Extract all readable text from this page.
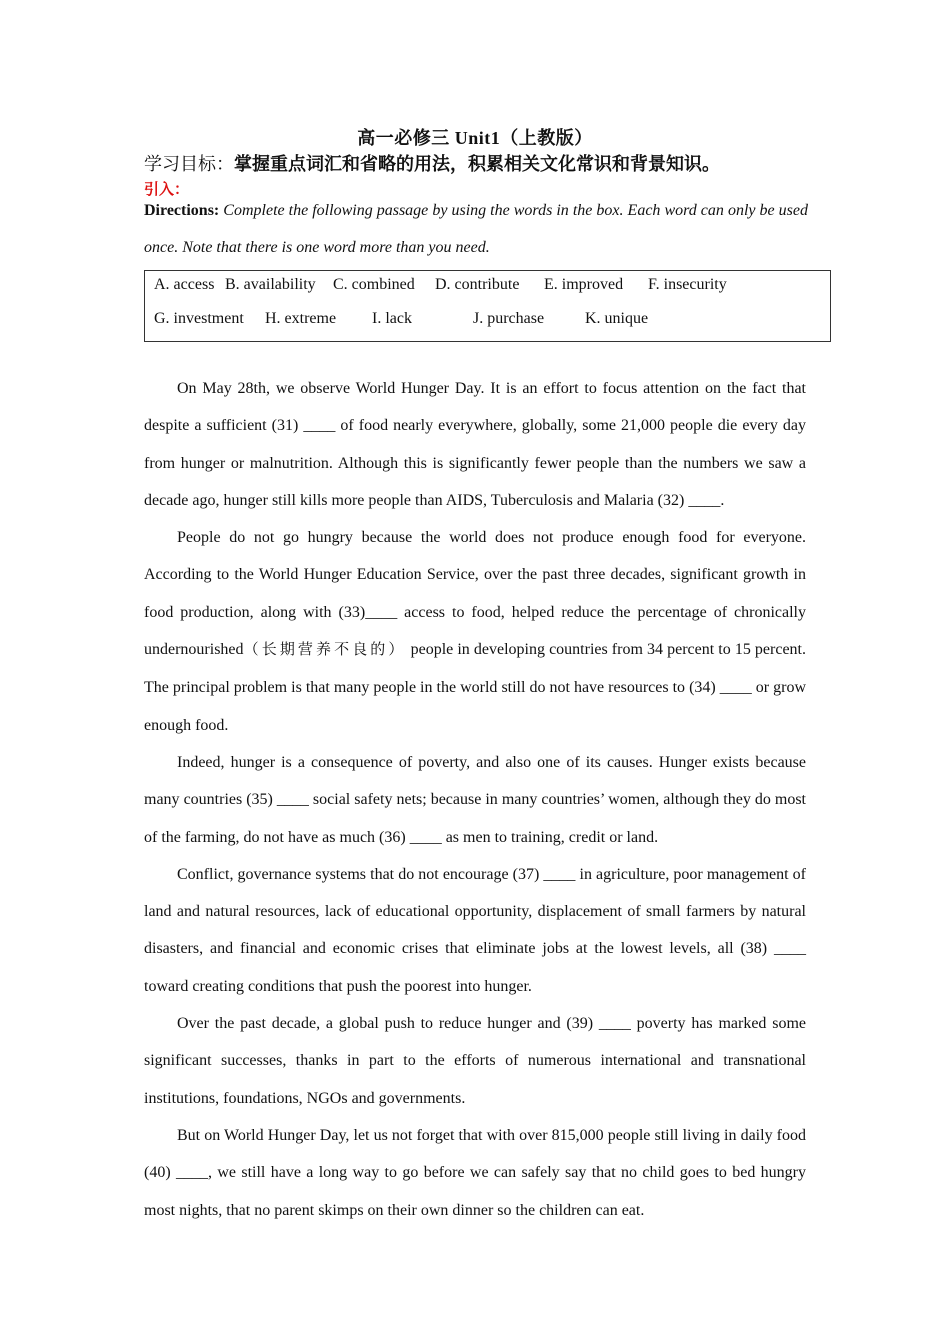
高一必修三 Unit1（上教版）
学习目标：掌握重点词汇和省略的用法，积累相关文化常识和背景知识。
引入：
Directions: Complete the following passage by using the words in the box. Each word can only be used once. Note that there is one word more than you need.

A. access

B. availability

C. combined

D. contribute

E. improved

F. insecurity

G. investment

H. extreme

I. lack

	J. purchase

	K. unique

On May 28th, we observe World Hunger Day. It is an effort to focus attention on the fact that despite a sufficient (31) ____ of food nearly everywhere, globally, some 21,000 people die every day from hunger or malnutrition. Although this is significantly fewer people than the numbers we saw a decade ago, hunger still kills more people than AIDS, Tuberculosis and Malaria (32) ____.

People do not go hungry because the world does not produce enough food for everyone. According to the World Hunger Education Service, over the past three decades, significant growth in food production, along with (33)____ access to food, helped reduce the percentage of chronically undernourished（长期营养不良的） people in developing countries from 34 percent to 15 percent. The principal problem is that many people in the world still do not have resources to (34) ____ or grow enough food.

Indeed, hunger is a consequence of poverty, and also one of its causes. Hunger exists because many countries (35) ____ social safety nets; because in many countries’ women, although they do most of the farming, do not have as much (36) ____ as men to training, credit or land.

Conflict, governance systems that do not encourage (37) ____ in agriculture, poor management of land and natural resources, lack of educational opportunity, displacement of small farmers by natural disasters, and financial and economic crises that eliminate jobs at the lowest levels, all (38) ____ toward creating conditions that push the poorest into hunger.

Over the past decade, a global push to reduce hunger and (39) ____ poverty has marked some significant successes, thanks in part to the efforts of numerous international and transnational institutions, foundations, NGOs and governments.

But on World Hunger Day, let us not forget that with over 815,000 people still living in daily food (40) ____, we still have a long way to go before we can safely say that no child goes to bed hungry most nights, that no parent skimps on their own dinner so the children can eat.
